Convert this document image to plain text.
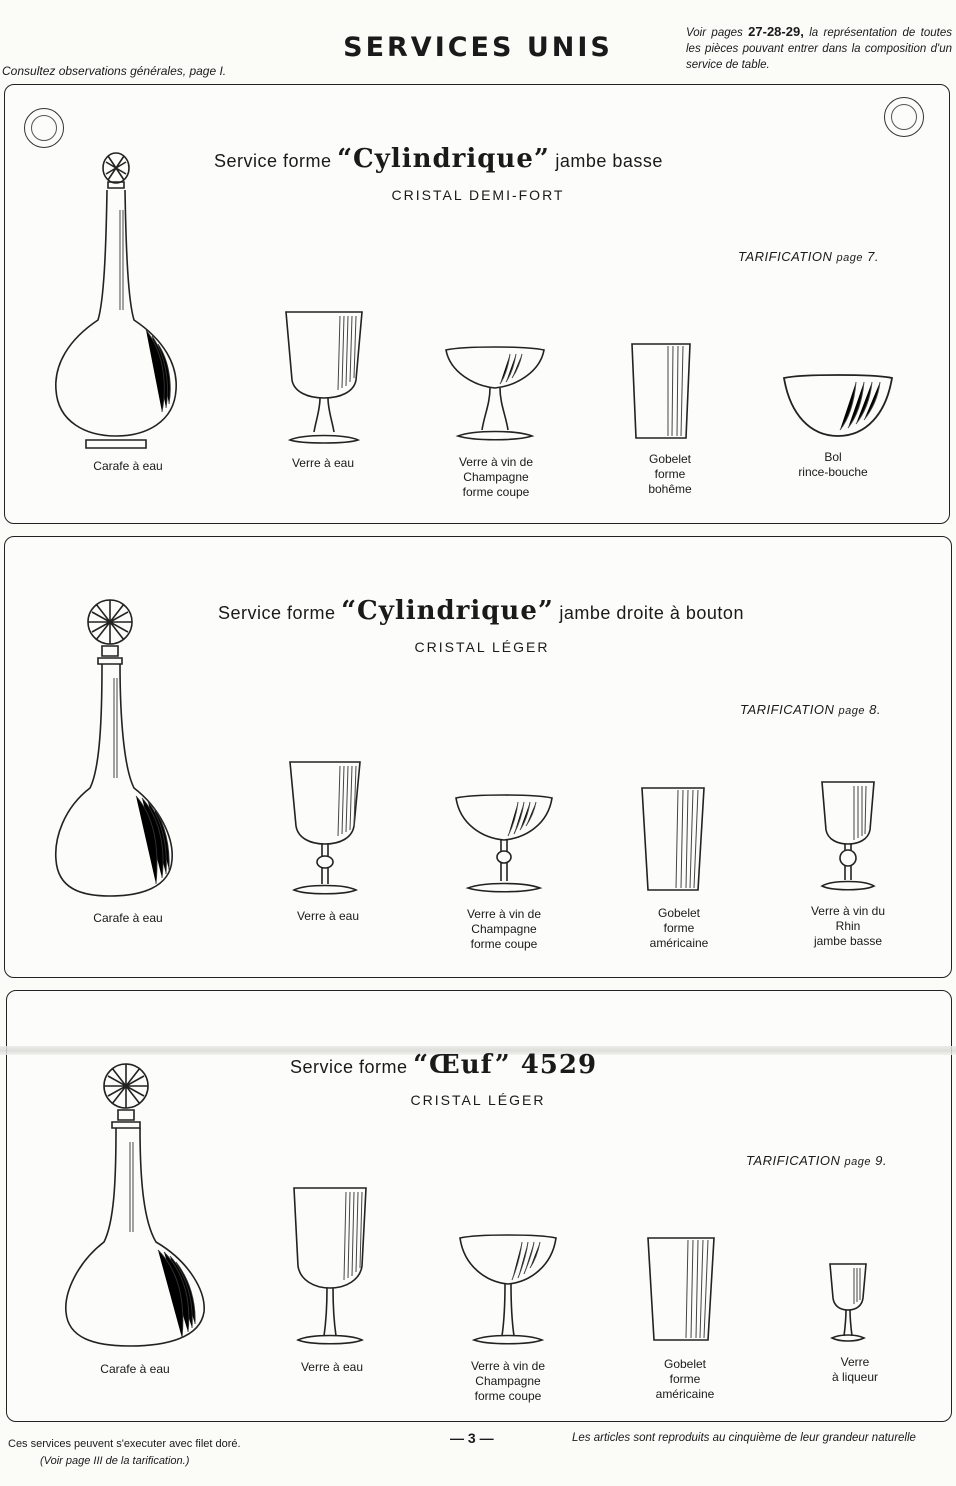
SERVICES UNIS
Consultez observations générales, page I.
Voir pages 27-28-29, la représentation de toutes les pièces pouvant entrer dans la composition d'un service de table.
Service forme “Cylindrique” jambe basse
CRISTAL DEMI-FORT
TARIFICATION page 7.
Carafe à eau	Verre à eau	Verre à vin de
Champagne
forme coupe
Gobelet
forme
bohême
Bol
rince-bouche
Service forme “Cylindrique” jambe droite à bouton
CRISTAL LÉGER
TARIFICATION page 8.
Carafe à eau	Verre à eau	Verre à vin de
Champagne
forme coupe
Gobelet
forme
américaine
Verre à vin du
Rhin
jambe basse
Service forme “Œuf” 4529
CRISTAL LÉGER
TARIFICATION page 9.
Carafe à eau	Verre à eau	Verre à vin de
Champagne
forme coupe
Gobelet
forme
américaine
Verre
à liqueur
Ces services peuvent s'executer avec filet doré.
(Voir page III de la tarification.)
— 3 —	Les articles sont reproduits au cinquième de leur grandeur naturelle
